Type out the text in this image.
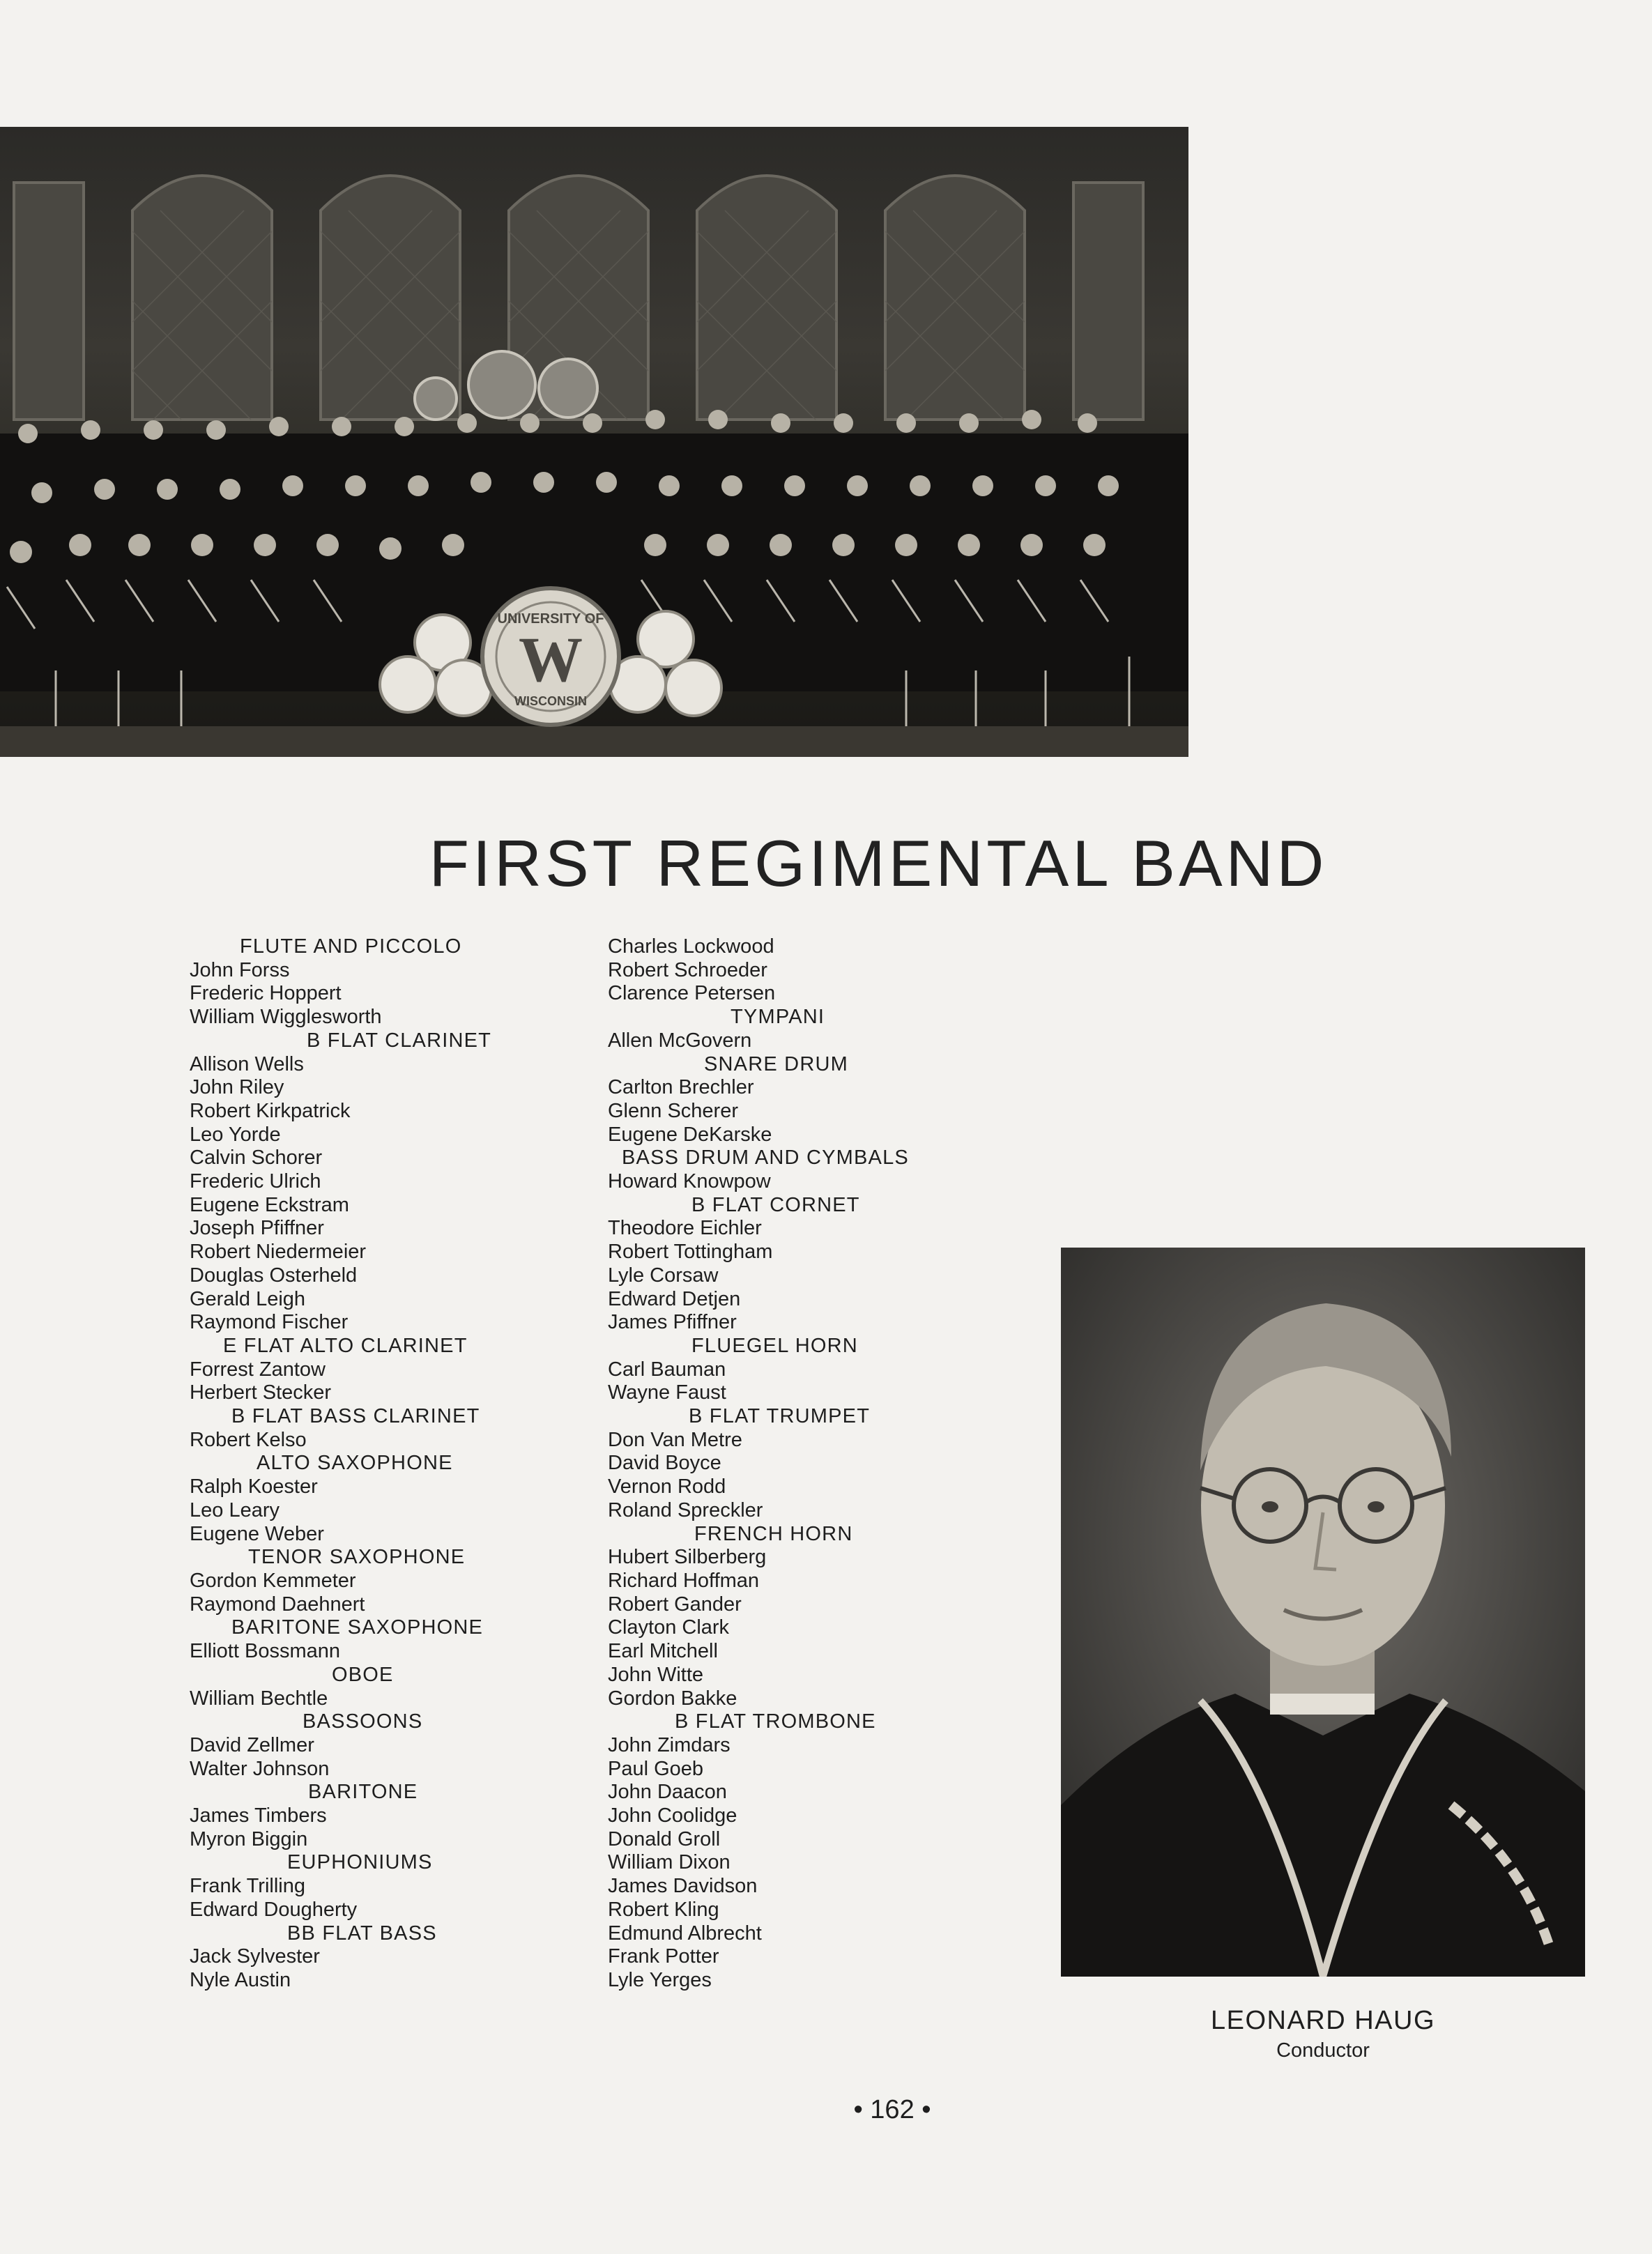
UNIVERSITY OF
W
WISCONSIN
FIRST REGIMENTAL BAND
FLUTE AND PICCOLO
John Forss
Frederic Hoppert
William Wigglesworth
B FLAT CLARINET
Allison Wells
John Riley
Robert Kirkpatrick
Leo Yorde
Calvin Schorer
Frederic Ulrich
Eugene Eckstram
Joseph Pfiffner
Robert Niedermeier
Douglas Osterheld
Gerald Leigh
Raymond Fischer
E FLAT ALTO CLARINET
Forrest Zantow
Herbert Stecker
B FLAT BASS CLARINET
Robert Kelso
ALTO SAXOPHONE
Ralph Koester
Leo Leary
Eugene Weber
TENOR SAXOPHONE
Gordon Kemmeter
Raymond Daehnert
BARITONE SAXOPHONE
Elliott Bossmann
OBOE
William Bechtle
BASSOONS
David Zellmer
Walter Johnson
BARITONE
James Timbers
Myron Biggin
EUPHONIUMS
Frank Trilling
Edward Dougherty
BB FLAT BASS
Jack Sylvester
Nyle Austin
Charles Lockwood
Robert Schroeder
Clarence Petersen
TYMPANI
Allen McGovern
SNARE DRUM
Carlton Brechler
Glenn Scherer
Eugene DeKarske
BASS DRUM AND CYMBALS
Howard Knowpow
B FLAT CORNET
Theodore Eichler
Robert Tottingham
Lyle Corsaw
Edward Detjen
James Pfiffner
FLUEGEL HORN
Carl Bauman
Wayne Faust
B FLAT TRUMPET
Don Van Metre
David Boyce
Vernon Rodd
Roland Spreckler
FRENCH HORN
Hubert Silberberg
Richard Hoffman
Robert Gander
Clayton Clark
Earl Mitchell
John Witte
Gordon Bakke
B FLAT TROMBONE
John Zimdars
Paul Goeb
John Daacon
John Coolidge
Donald Groll
William Dixon
James Davidson
Robert Kling
Edmund Albrecht
Frank Potter
Lyle Yerges
LEONARD HAUG
Conductor
• 162 •
